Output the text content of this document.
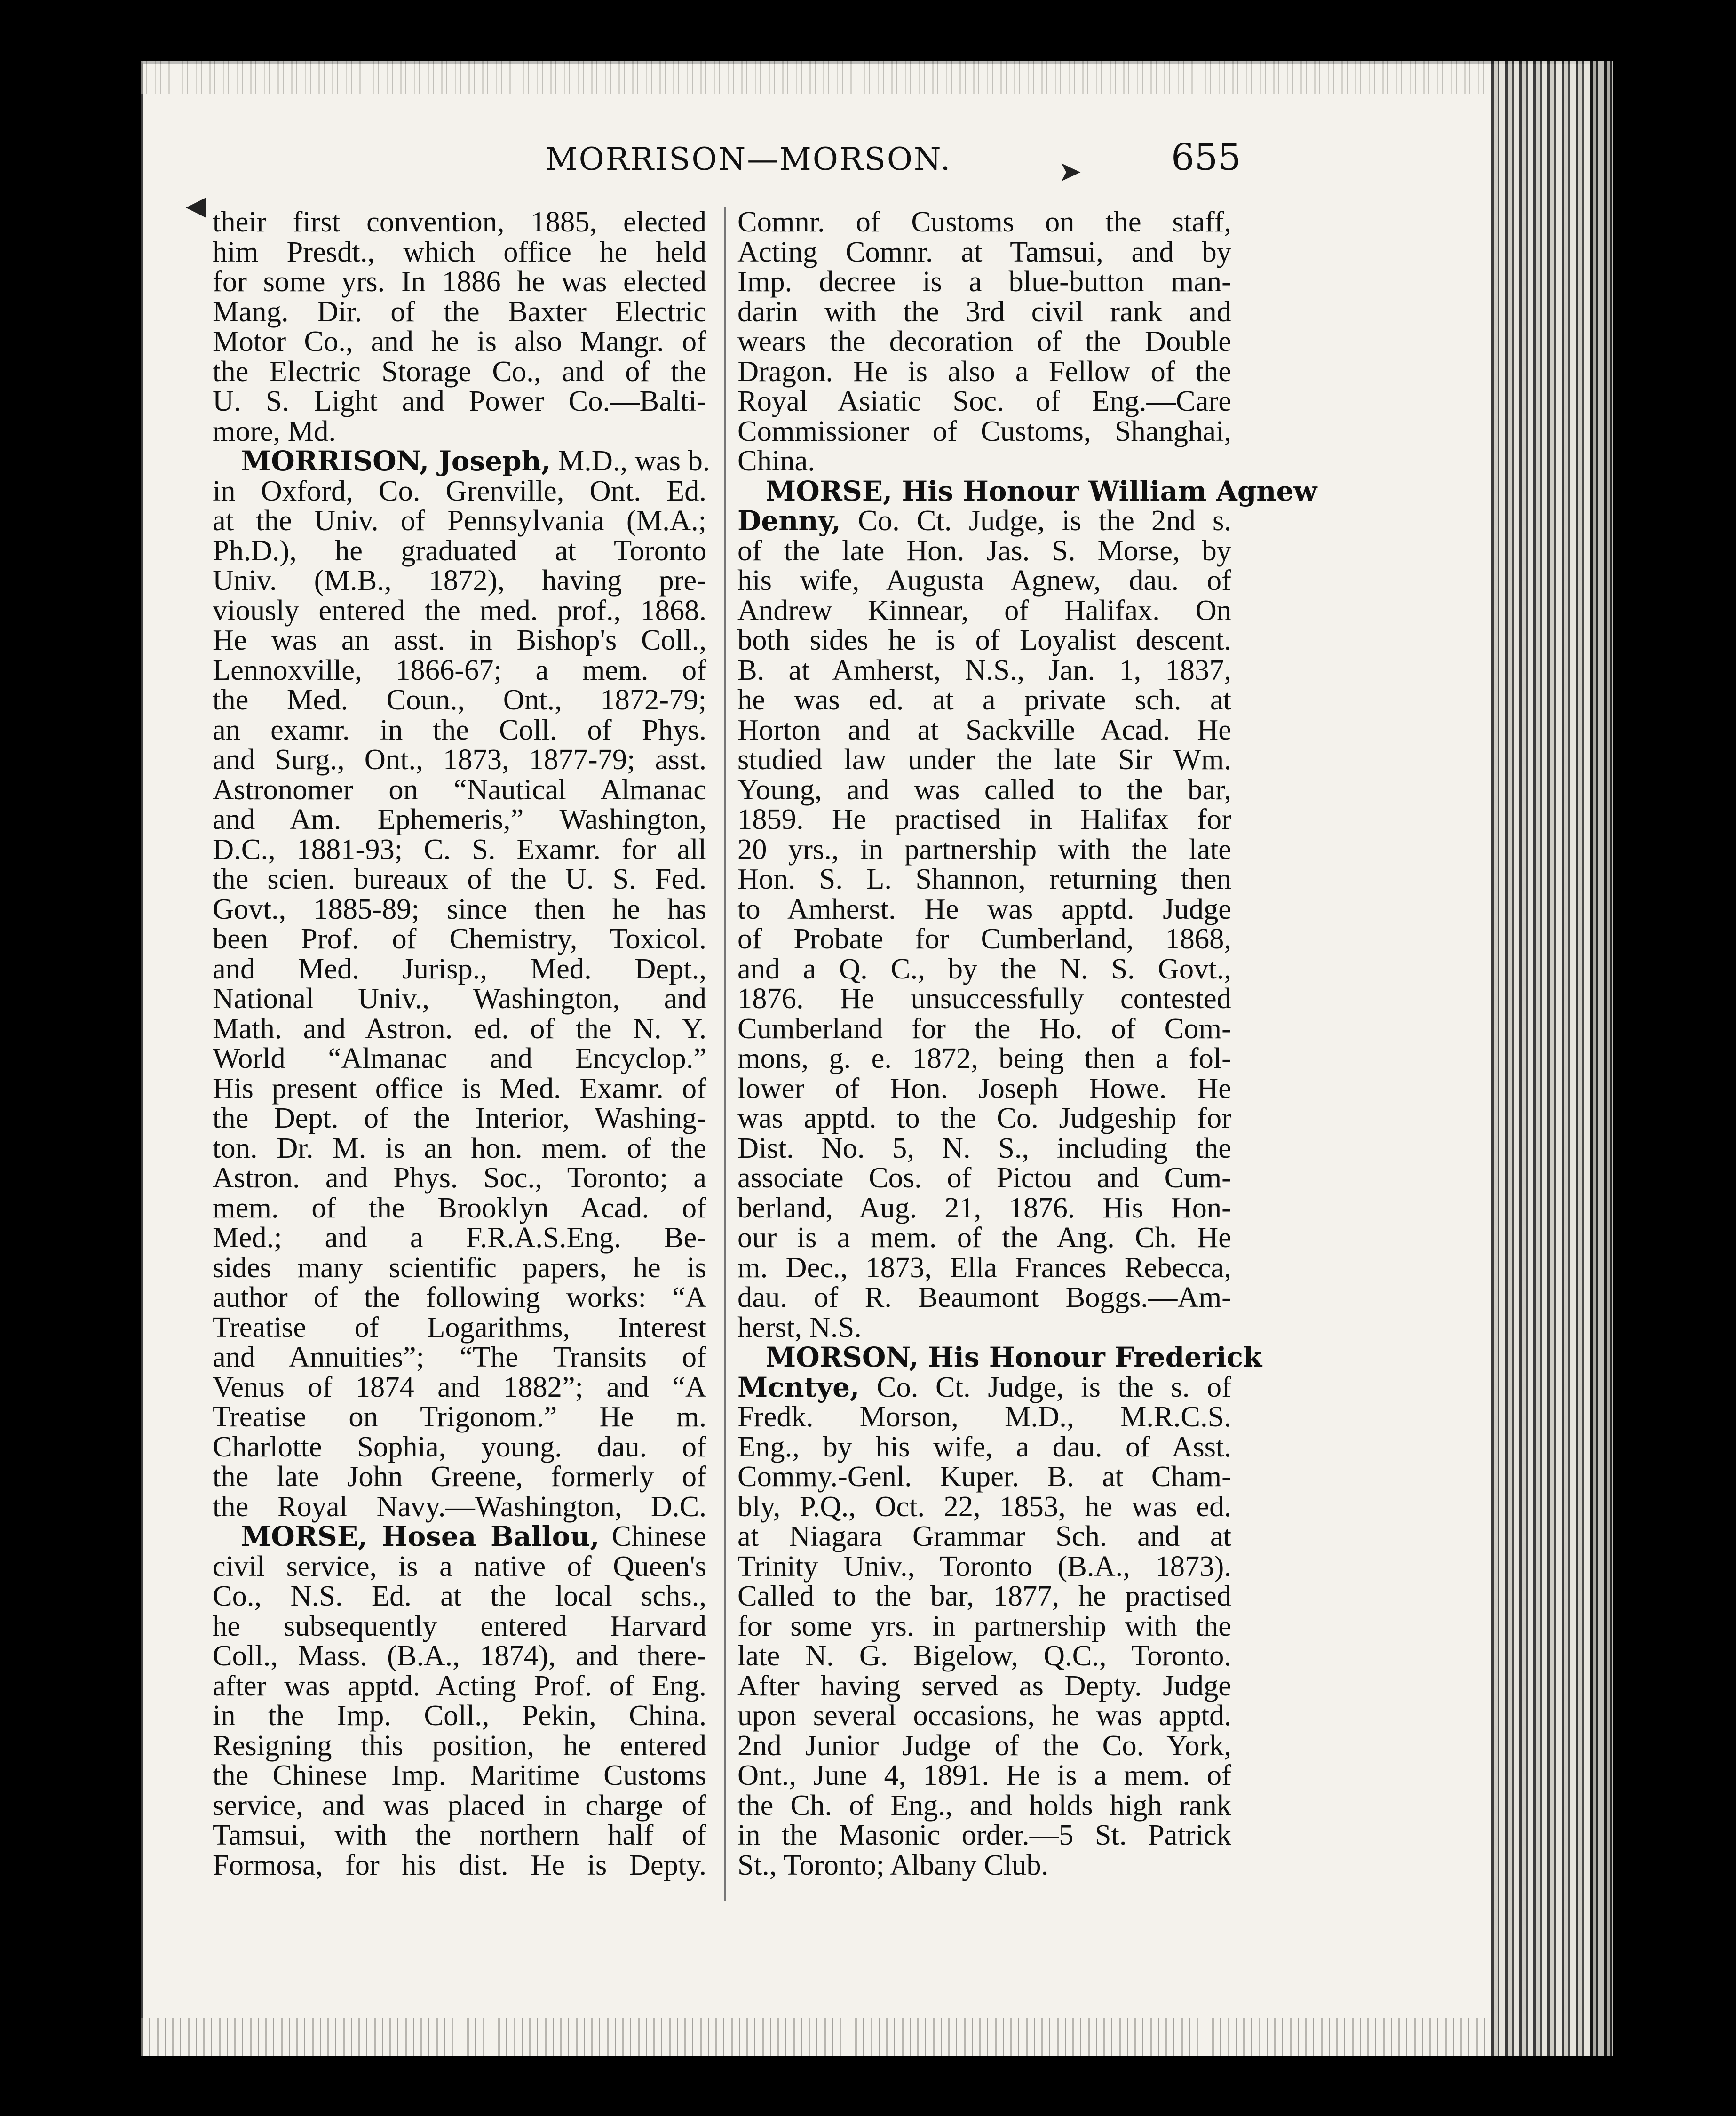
MORRISON—MORSON.	655
their first convention, 1885, elected
him Presdt., which office he held
for some yrs. In 1886 he was elected
Mang. Dir. of the Baxter Electric
Motor Co., and he is also Mangr. of
the Electric Storage Co., and of the
U. S. Light and Power Co.—Balti-
more, Md.
MORRISON, Joseph, M.D., was b.
in Oxford, Co. Grenville, Ont. Ed.
at the Univ. of Pennsylvania (M.A.;
Ph.D.), he graduated at Toronto
Univ. (M.B., 1872), having pre-
viously entered the med. prof., 1868.
He was an asst. in Bishop's Coll.,
Lennoxville, 1866-67; a mem. of
the Med. Coun., Ont., 1872-79;
an examr. in the Coll. of Phys.
and Surg., Ont., 1873, 1877-79; asst.
Astronomer on “Nautical Almanac
and Am. Ephemeris,” Washington,
D.C., 1881-93; C. S. Examr. for all
the scien. bureaux of the U. S. Fed.
Govt., 1885-89; since then he has
been Prof. of Chemistry, Toxicol.
and Med. Jurisp., Med. Dept.,
National Univ., Washington, and
Math. and Astron. ed. of the N. Y.
World “Almanac and Encyclop.”
His present office is Med. Examr. of
the Dept. of the Interior, Washing-
ton. Dr. M. is an hon. mem. of the
Astron. and Phys. Soc., Toronto; a
mem. of the Brooklyn Acad. of
Med.; and a F.R.A.S.Eng. Be-
sides many scientific papers, he is
author of the following works: “A
Treatise of Logarithms, Interest
and Annuities”; “The Transits of
Venus of 1874 and 1882”; and “A
Treatise on Trigonom.” He m.
Charlotte Sophia, young. dau. of
the late John Greene, formerly of
the Royal Navy.—Washington, D.C.
MORSE, Hosea Ballou, Chinese
civil service, is a native of Queen's
Co., N.S. Ed. at the local schs.,
he subsequently entered Harvard
Coll., Mass. (B.A., 1874), and there-
after was apptd. Acting Prof. of Eng.
in the Imp. Coll., Pekin, China.
Resigning this position, he entered
the Chinese Imp. Maritime Customs
service, and was placed in charge of
Tamsui, with the northern half of
Formosa, for his dist. He is Depty.
Comnr. of Customs on the staff,
Acting Comnr. at Tamsui, and by
Imp. decree is a blue-button man-
darin with the 3rd civil rank and
wears the decoration of the Double
Dragon. He is also a Fellow of the
Royal Asiatic Soc. of Eng.—Care
Commissioner of Customs, Shanghai,
China.
MORSE, His Honour William Agnew
Denny, Co. Ct. Judge, is the 2nd s.
of the late Hon. Jas. S. Morse, by
his wife, Augusta Agnew, dau. of
Andrew Kinnear, of Halifax. On
both sides he is of Loyalist descent.
B. at Amherst, N.S., Jan. 1, 1837,
he was ed. at a private sch. at
Horton and at Sackville Acad. He
studied law under the late Sir Wm.
Young, and was called to the bar,
1859. He practised in Halifax for
20 yrs., in partnership with the late
Hon. S. L. Shannon, returning then
to Amherst. He was apptd. Judge
of Probate for Cumberland, 1868,
and a Q. C., by the N. S. Govt.,
1876. He unsuccessfully contested
Cumberland for the Ho. of Com-
mons, g. e. 1872, being then a fol-
lower of Hon. Joseph Howe. He
was apptd. to the Co. Judgeship for
Dist. No. 5, N. S., including the
associate Cos. of Pictou and Cum-
berland, Aug. 21, 1876. His Hon-
our is a mem. of the Ang. Ch. He
m. Dec., 1873, Ella Frances Rebecca,
dau. of R. Beaumont Boggs.—Am-
herst, N.S.
MORSON, His Honour Frederick
Mcntye, Co. Ct. Judge, is the s. of
Fredk. Morson, M.D., M.R.C.S.
Eng., by his wife, a dau. of Asst.
Commy.-Genl. Kuper. B. at Cham-
bly, P.Q., Oct. 22, 1853, he was ed.
at Niagara Grammar Sch. and at
Trinity Univ., Toronto (B.A., 1873).
Called to the bar, 1877, he practised
for some yrs. in partnership with the
late N. G. Bigelow, Q.C., Toronto.
After having served as Depty. Judge
upon several occasions, he was apptd.
2nd Junior Judge of the Co. York,
Ont., June 4, 1891. He is a mem. of
the Ch. of Eng., and holds high rank
in the Masonic order.—5 St. Patrick
St., Toronto; Albany Club.
◀
➤
